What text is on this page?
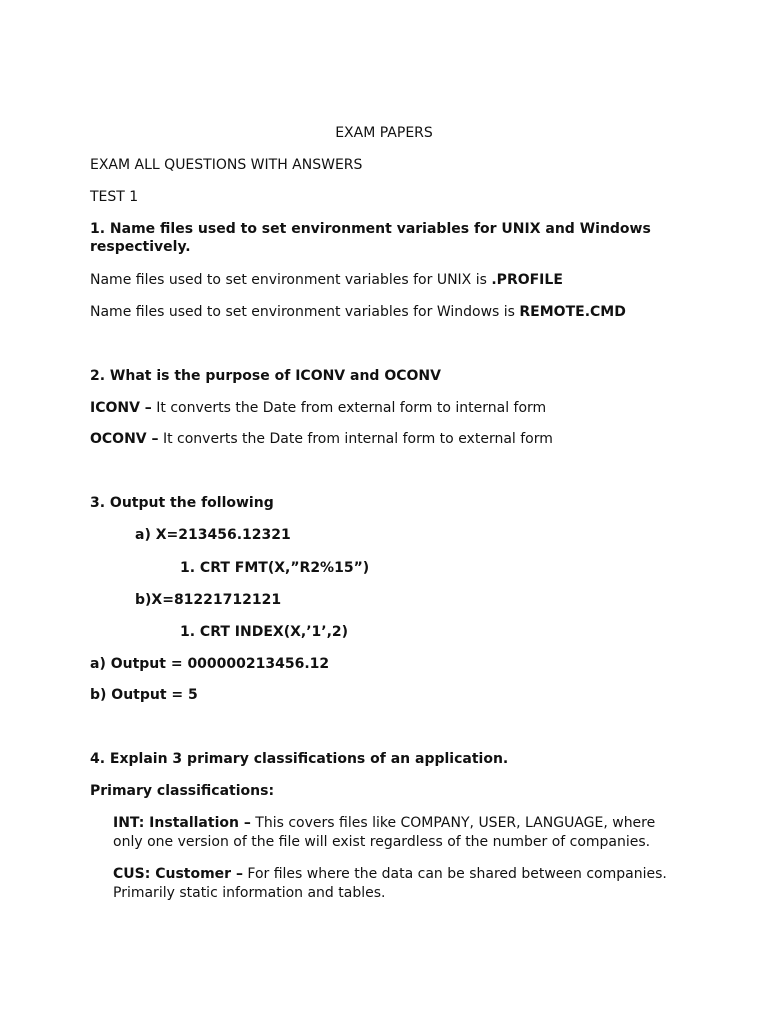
EXAM PAPERS
EXAM ALL QUESTIONS WITH ANSWERS
TEST 1
1. Name files used to set environment variables for UNIX and Windows
respectively.
Name files used to set environment variables for UNIX is .PROFILE
Name files used to set environment variables for Windows is REMOTE.CMD
2. What is the purpose of ICONV and OCONV
ICONV – It converts the Date from external form to internal form
OCONV – It converts the Date from internal form to external form
3. Output the following
a) X=213456.12321
1. CRT FMT(X,”R2%15”)
b)X=81221712121
1. CRT INDEX(X,’1’,2)
a) Output = 000000213456.12
b) Output = 5
4. Explain 3 primary classifications of an application.
Primary classifications:
INT: Installation – This covers files like COMPANY, USER, LANGUAGE, where only one version of the file will exist regardless of the number of companies.
CUS: Customer – For files where the data can be shared between companies. Primarily static information and tables.
